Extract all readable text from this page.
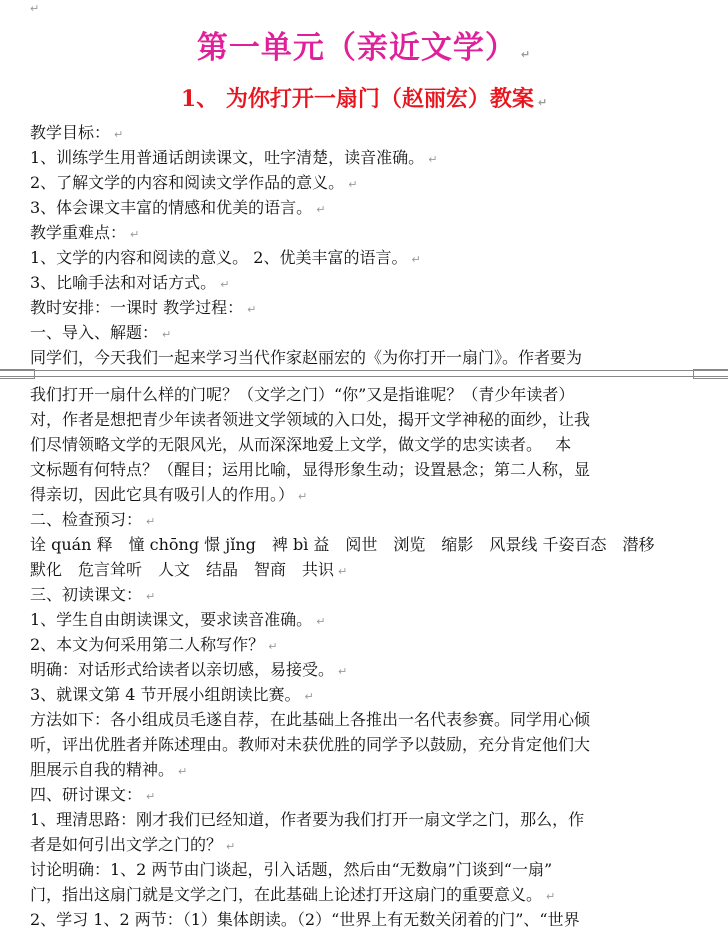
↵
第一单元（亲近文学） ↵
1、 为你打开一扇门（赵丽宏）教案 ↵
教学目标： ↵
1、训练学生用普通话朗读课文，吐字清楚，读音准确。 ↵
2、了解文学的内容和阅读文学作品的意义。 ↵
3、体会课文丰富的情感和优美的语言。 ↵
教学重难点： ↵
1、文学的内容和阅读的意义。 2、优美丰富的语言。 ↵
3、比喻手法和对话方式。 ↵
教时安排：一课时 教学过程： ↵
一、导入、解题： ↵
同学们，今天我们一起来学习当代作家赵丽宏的《为你打开一扇门》。作者要为
我们打开一扇什么样的门呢？（文学之门）“你”又是指谁呢？（青少年读者）
对，作者是想把青少年读者领进文学领域的入口处，揭开文学神秘的面纱，让我
们尽情领略文学的无限风光，从而深深地爱上文学，做文学的忠实读者。　 本
文标题有何特点？（醒目；运用比喻，显得形象生动；设置悬念；第二人称，显
得亲切，因此它具有吸引人的作用。） ↵
二、检查预习： ↵
诠 quán 释　憧 chōng 憬 jǐng　裨 bì 益　阅世　浏览　缩影　风景线 千姿百态　潜移
默化　危言耸听　人文　结晶　智商　共识 ↵
三、初读课文： ↵
1、学生自由朗读课文，要求读音准确。 ↵
2、本文为何采用第二人称写作？ ↵
明确：对话形式给读者以亲切感，易接受。 ↵
3、就课文第 4 节开展小组朗读比赛。 ↵
方法如下：各小组成员毛遂自荐，在此基础上各推出一名代表参赛。同学用心倾
听，评出优胜者并陈述理由。教师对未获优胜的同学予以鼓励，充分肯定他们大
胆展示自我的精神。 ↵
四、研讨课文： ↵
1、理清思路：刚才我们已经知道，作者要为我们打开一扇文学之门，那么，作
者是如何引出文学之门的？ ↵
讨论明确：1、2 两节由门谈起，引入话题，然后由“无数扇”门谈到“一扇”
门，指出这扇门就是文学之门，在此基础上论述打开这扇门的重要意义。 ↵
2、学习 1、2 两节：（1）集体朗读。（2）“世界上有无数关闭着的门”、“世界
